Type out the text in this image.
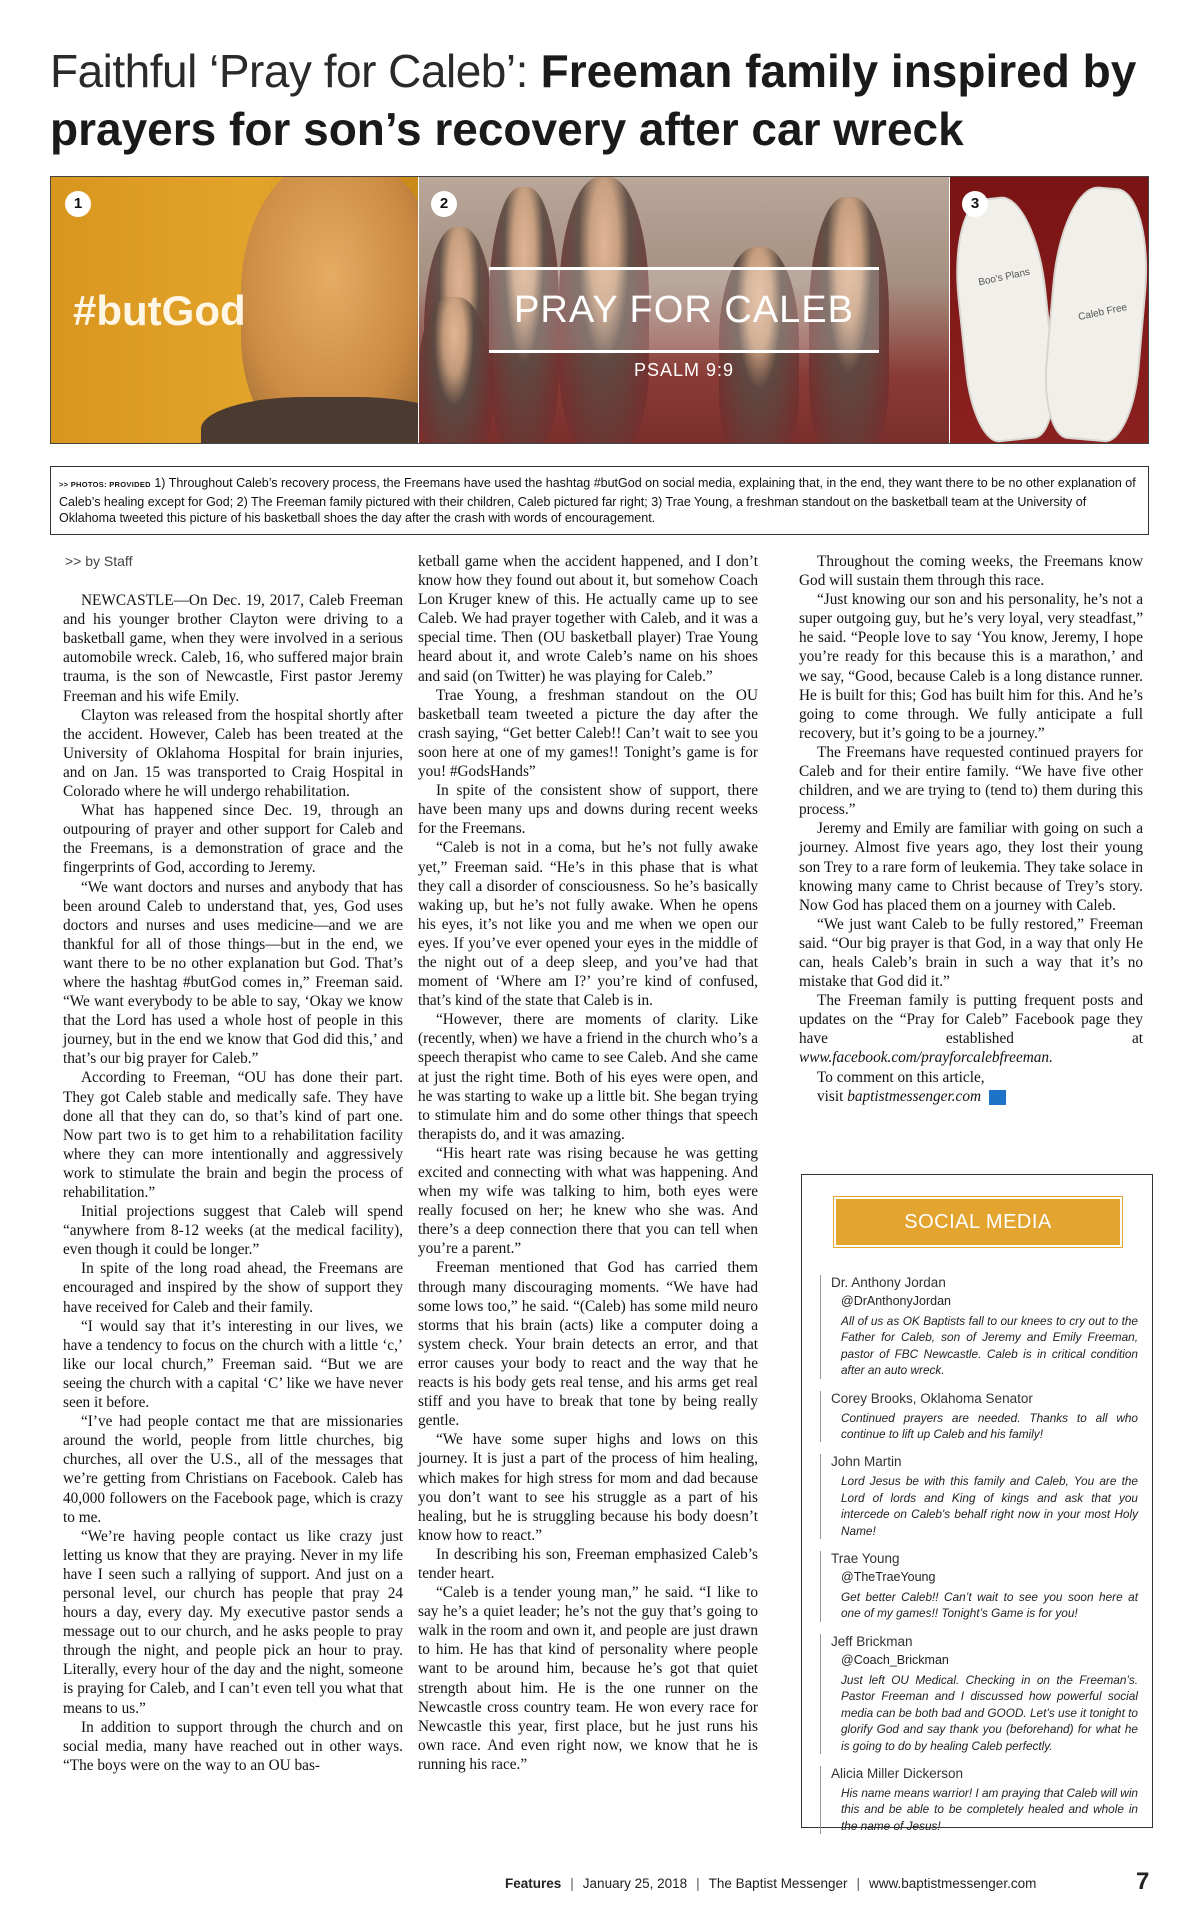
Faithful ‘Pray for Caleb’: Freeman family inspired by prayers for son’s recovery after car wreck
1
#butGod
2
PRAY FOR CALEB
PSALM 9:9
Boo's Plans
Caleb Free
3
>> PHOTOS: PROVIDED 1) Throughout Caleb’s recovery process, the Freemans have used the hashtag #butGod on social media, explaining that, in the end, they want there to be no other explanation of Caleb’s healing except for God; 2) The Freeman family pictured with their children, Caleb pictured far right; 3) Trae Young, a freshman standout on the basketball team at the University of Oklahoma tweeted this picture of his basketball shoes the day after the crash with words of encouragement.

>> by Staff

NEWCASTLE—On Dec. 19, 2017, Caleb Freeman and his younger brother Clayton were driving to a basketball game, when they were involved in a serious automobile wreck. Caleb, 16, who suffered major brain trauma, is the son of Newcastle, First pastor Jeremy Freeman and his wife Emily.

Clayton was released from the hospital shortly after the accident. However, Caleb has been treated at the University of Oklahoma Hospital for brain injuries, and on Jan. 15 was transported to Craig Hospital in Colorado where he will undergo rehabilitation.

What has happened since Dec. 19, through an outpouring of prayer and other support for Caleb and the Freemans, is a demonstration of grace and the fingerprints of God, according to Jeremy.

“We want doctors and nurses and anybody that has been around Caleb to understand that, yes, God uses doctors and nurses and uses medicine—and we are thankful for all of those things—but in the end, we want there to be no other explanation but God. That’s where the hashtag #butGod comes in,” Freeman said. “We want everybody to be able to say, ‘Okay we know that the Lord has used a whole host of people in this journey, but in the end we know that God did this,’ and that’s our big prayer for Caleb.”

According to Freeman, “OU has done their part. They got Caleb stable and medically safe. They have done all that they can do, so that’s kind of part one. Now part two is to get him to a rehabilitation facility where they can more intentionally and aggressively work to stimulate the brain and begin the process of rehabilitation.”

Initial projections suggest that Caleb will spend “anywhere from 8-12 weeks (at the medical facility), even though it could be longer.”

In spite of the long road ahead, the Freemans are encouraged and inspired by the show of support they have received for Caleb and their family.

“I would say that it’s interesting in our lives, we have a tendency to focus on the church with a little ‘c,’ like our local church,” Freeman said. “But we are seeing the church with a capital ‘C’ like we have never seen it before.

“I’ve had people contact me that are missionaries around the world, people from little churches, big churches, all over the U.S., all of the messages that we’re getting from Christians on Facebook. Caleb has 40,000 followers on the Facebook page, which is crazy to me.

“We’re having people contact us like crazy just letting us know that they are praying. Never in my life have I seen such a rallying of support. And just on a personal level, our church has people that pray 24 hours a day, every day. My executive pastor sends a message out to our church, and he asks people to pray through the night, and people pick an hour to pray. Literally, every hour of the day and the night, someone is praying for Caleb, and I can’t even tell you what that means to us.”

In addition to support through the church and on social media, many have reached out in other ways. “The boys were on the way to an OU bas-

ketball game when the accident happened, and I don’t know how they found out about it, but somehow Coach Lon Kruger knew of this. He actually came up to see Caleb. We had prayer together with Caleb, and it was a special time. Then (OU basketball player) Trae Young heard about it, and wrote Caleb’s name on his shoes and said (on Twitter) he was playing for Caleb.”

Trae Young, a freshman standout on the OU basketball team tweeted a picture the day after the crash saying, “Get better Caleb!! Can’t wait to see you soon here at one of my games!! Tonight’s game is for you! #GodsHands”

In spite of the consistent show of support, there have been many ups and downs during recent weeks for the Freemans.

“Caleb is not in a coma, but he’s not fully awake yet,” Freeman said. “He’s in this phase that is what they call a disorder of consciousness. So he’s basically waking up, but he’s not fully awake. When he opens his eyes, it’s not like you and me when we open our eyes. If you’ve ever opened your eyes in the middle of the night out of a deep sleep, and you’ve had that moment of ‘Where am I?’ you’re kind of confused, that’s kind of the state that Caleb is in.

“However, there are moments of clarity. Like (recently, when) we have a friend in the church who’s a speech therapist who came to see Caleb. And she came at just the right time. Both of his eyes were open, and he was starting to wake up a little bit. She began trying to stimulate him and do some other things that speech therapists do, and it was amazing.

“His heart rate was rising because he was getting excited and connecting with what was happening. And when my wife was talking to him, both eyes were really focused on her; he knew who she was. And there’s a deep connection there that you can tell when you’re a parent.”

Freeman mentioned that God has carried them through many discouraging moments. “We have had some lows too,” he said. “(Caleb) has some mild neuro storms that his brain (acts) like a computer doing a system check. Your brain detects an error, and that error causes your body to react and the way that he reacts is his body gets real tense, and his arms get real stiff and you have to break that tone by being really gentle.

“We have some super highs and lows on this journey. It is just a part of the process of him healing, which makes for high stress for mom and dad because you don’t want to see his struggle as a part of his healing, but he is struggling because his body doesn’t know how to react.”

In describing his son, Freeman emphasized Caleb’s tender heart.

“Caleb is a tender young man,” he said. “I like to say he’s a quiet leader; he’s not the guy that’s going to walk in the room and own it, and people are just drawn to him. He has that kind of personality where people want to be around him, because he’s got that quiet strength about him. He is the one runner on the Newcastle cross country team. He won every race for Newcastle this year, first place, but he just runs his own race. And even right now, we know that he is running his race.”

Throughout the coming weeks, the Freemans know God will sustain them through this race.

“Just knowing our son and his personality, he’s not a super outgoing guy, but he’s very loyal, very steadfast,” he said. “People love to say ‘You know, Jeremy, I hope you’re ready for this because this is a marathon,’ and we say, “Good, because Caleb is a long distance runner. He is built for this; God has built him for this. And he’s going to come through. We fully anticipate a full recovery, but it’s going to be a journey.”

The Freemans have requested continued prayers for Caleb and for their entire family. “We have five other children, and we are trying to (tend to) them during this process.”

Jeremy and Emily are familiar with going on such a journey. Almost five years ago, they lost their young son Trey to a rare form of leukemia. They take solace in knowing many came to Christ because of Trey’s story. Now God has placed them on a journey with Caleb.

“We just want Caleb to be fully restored,” Freeman said. “Our big prayer is that God, in a way that only He can, heals Caleb’s brain in such a way that it’s no mistake that God did it.”

The Freeman family is putting frequent posts and updates on the “Pray for Caleb” Facebook page they have established at www.facebook.com/prayforcalebfreeman.

To comment on this article,

visit baptistmessenger.com m

SOCIAL MEDIA RESPONSES:
Dr. Anthony Jordan
@DrAnthonyJordan
All of us as OK Baptists fall to our knees to cry out to the Father for Caleb, son of Jeremy and Emily Freeman, pastor of FBC Newcastle. Caleb is in critical condition after an auto wreck.
Corey Brooks, Oklahoma Senator
Continued prayers are needed. Thanks to all who continue to lift up Caleb and his family!
John Martin
Lord Jesus be with this family and Caleb, You are the Lord of lords and King of kings and ask that you intercede on Caleb's behalf right now in your most Holy Name!
Trae Young
@TheTraeYoung
Get better Caleb!! Can’t wait to see you soon here at one of my games!! Tonight’s Game is for you!
Jeff Brickman
@Coach_Brickman
Just left OU Medical. Checking in on the Freeman’s. Pastor Freeman and I discussed how powerful social media can be both bad and GOOD. Let’s use it tonight to glorify God and say thank you (beforehand) for what he is going to do by healing Caleb perfectly.
Alicia Miller Dickerson
His name means warrior! I am praying that Caleb will win this and be able to be completely healed and whole in the name of Jesus!
Features | January 25, 2018 | The Baptist Messenger | www.baptistmessenger.com	7
